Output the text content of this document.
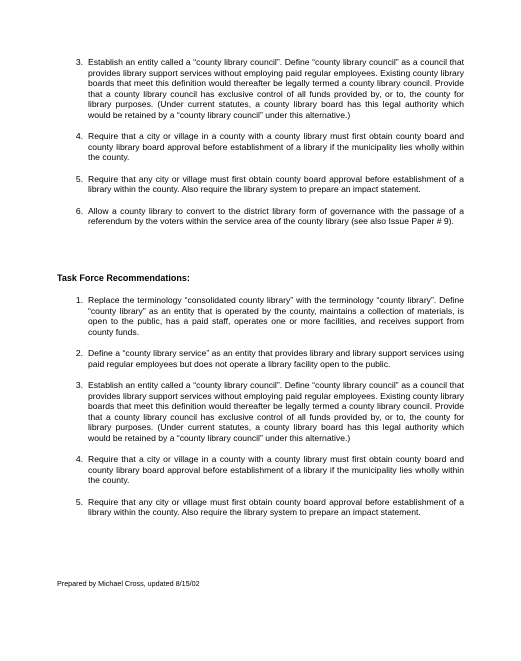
3. Establish an entity called a “county library council”. Define “county library council” as a council that provides library support services without employing paid regular employees. Existing county library boards that meet this definition would thereafter be legally termed a county library council. Provide that a county library council has exclusive control of all funds provided by, or to, the county for library purposes. (Under current statutes, a county library board has this legal authority which would be retained by a “county library council” under this alternative.)
4. Require that a city or village in a county with a county library must first obtain county board and county library board approval before establishment of a library if the municipality lies wholly within the county.
5. Require that any city or village must first obtain county board approval before establishment of a library within the county. Also require the library system to prepare an impact statement.
6. Allow a county library to convert to the district library form of governance with the passage of a referendum by the voters within the service area of the county library (see also Issue Paper # 9).
Task Force Recommendations:
1. Replace the terminology “consolidated county library” with the terminology “county library”. Define “county library” as an entity that is operated by the county, maintains a collection of materials, is open to the public, has a paid staff, operates one or more facilities, and receives support from county funds.
2. Define a “county library service” as an entity that provides library and library support services using paid regular employees but does not operate a library facility open to the public.
3. Establish an entity called a “county library council”. Define “county library council” as a council that provides library support services without employing paid regular employees. Existing county library boards that meet this definition would thereafter be legally termed a county library council. Provide that a county library council has exclusive control of all funds provided by, or to, the county for library purposes. (Under current statutes, a county library board has this legal authority which would be retained by a “county library council” under this alternative.)
4. Require that a city or village in a county with a county library must first obtain county board and county library board approval before establishment of a library if the municipality lies wholly within the county.
5. Require that any city or village must first obtain county board approval before establishment of a library within the county. Also require the library system to prepare an impact statement.
Prepared by Michael Cross, updated 8/15/02
